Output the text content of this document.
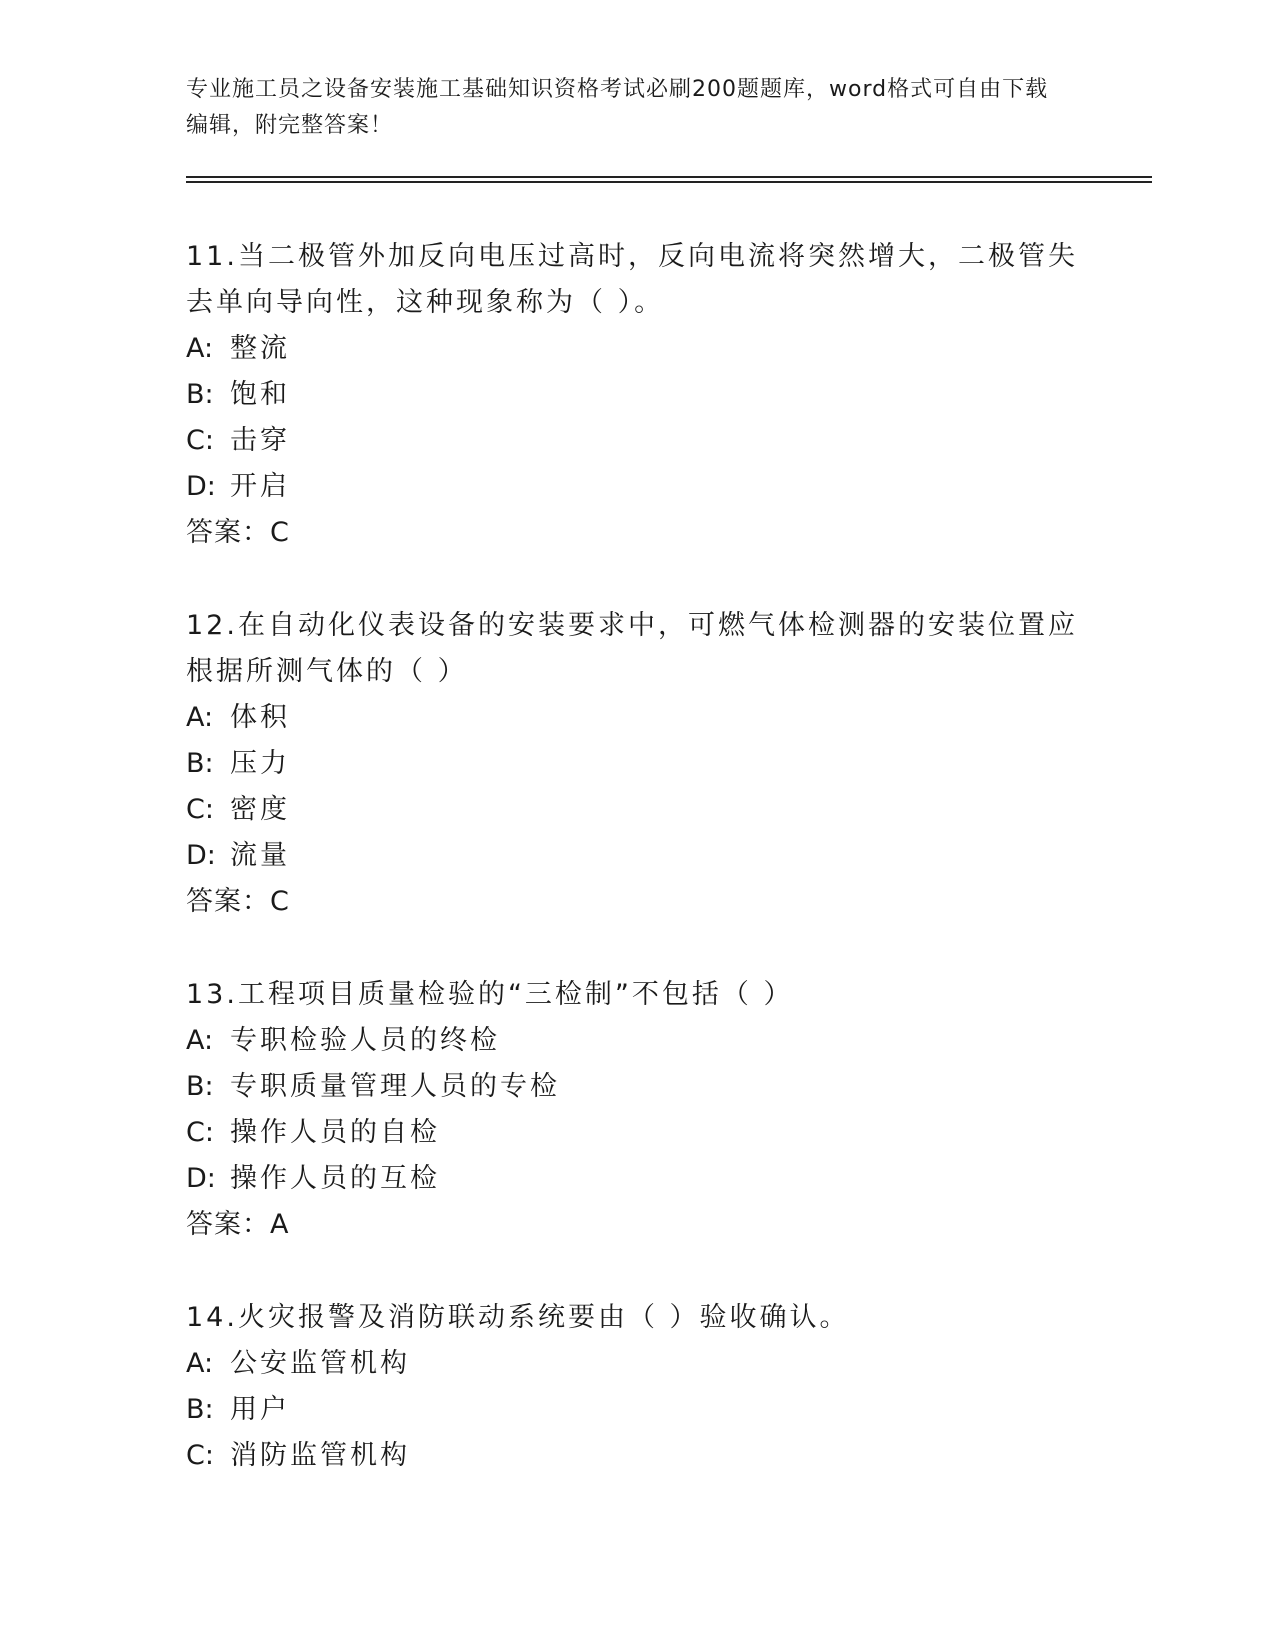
专业施工员之设备安装施工基础知识资格考试必刷200题题库，word格式可自由下载编辑，附完整答案！

11.当二极管外加反向电压过高时，反向电流将突然增大，二极管失去单向导向性，这种现象称为（ ）。

A: 整流
B: 饱和
C: 击穿
D: 开启
答案：C

12.在自动化仪表设备的安装要求中，可燃气体检测器的安装位置应根据所测气体的（ ）

A: 体积
B: 压力
C: 密度
D: 流量
答案：C

13.工程项目质量检验的“三检制”不包括（ ）

A: 专职检验人员的终检
B: 专职质量管理人员的专检
C: 操作人员的自检
D: 操作人员的互检
答案：A

14.火灾报警及消防联动系统要由（ ）验收确认。

A: 公安监管机构
B: 用户
C: 消防监管机构
